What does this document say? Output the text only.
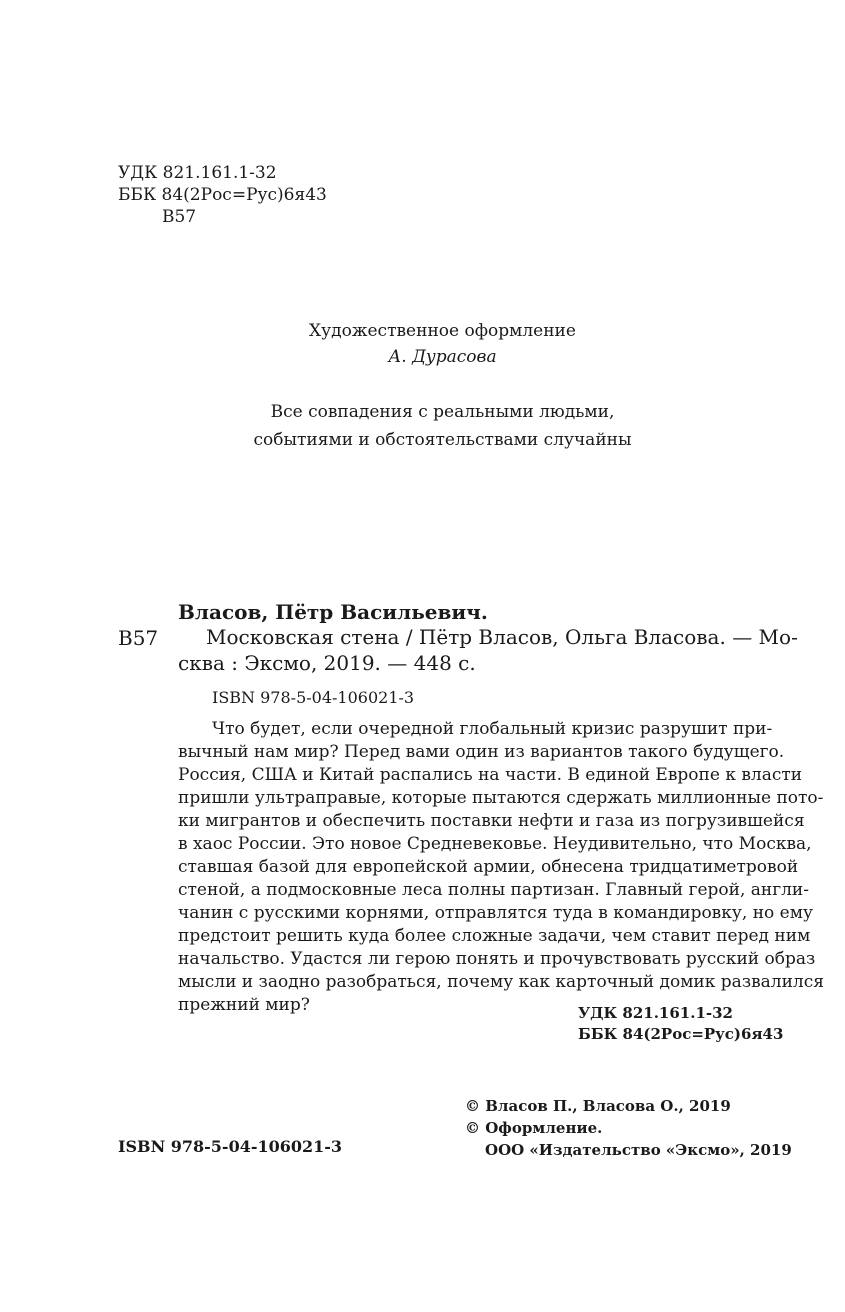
УДК 821.161.1-32
ББК 84(2Рос=Рус)6я43
В57
Художественное оформление
А. Дурасова
Все совпадения с реальными людьми,
событиями и обстоятельствами случайны
Власов, Пётр Васильевич.
В57	Московская стена / Пётр Власов, Ольга Власова. — Мо-
сква : Эксмо, 2019. — 448 с.
ISBN 978-5-04-106021-3
Что будет, если очередной глобальный кризис разрушит при-
вычный нам мир? Перед вами один из вариантов такого будущего.
Россия, США и Китай распались на части. В единой Европе к власти
пришли ультраправые, которые пытаются сдержать миллионные пото-
ки мигрантов и обеспечить поставки нефти и газа из погрузившейся
в хаос России. Это новое Средневековье. Неудивительно, что Москва,
ставшая базой для европейской армии, обнесена тридцатиметровой
стеной, а подмосковные леса полны партизан. Главный герой, англи-
чанин с русскими корнями, отправлятся туда в командировку, но ему
предстоит решить куда более сложные задачи, чем ставит перед ним
начальство. Удастся ли герою понять и прочувствовать русский образ
мысли и заодно разобраться, почему как карточный домик развалился
прежний мир?	УДК 821.161.1-32
ББК 84(2Рос=Рус)6я43
© Власов П., Власова О., 2019
© Оформление.
ООО «Издательство «Эксмо», 2019
ISBN 978-5-04-106021-3
